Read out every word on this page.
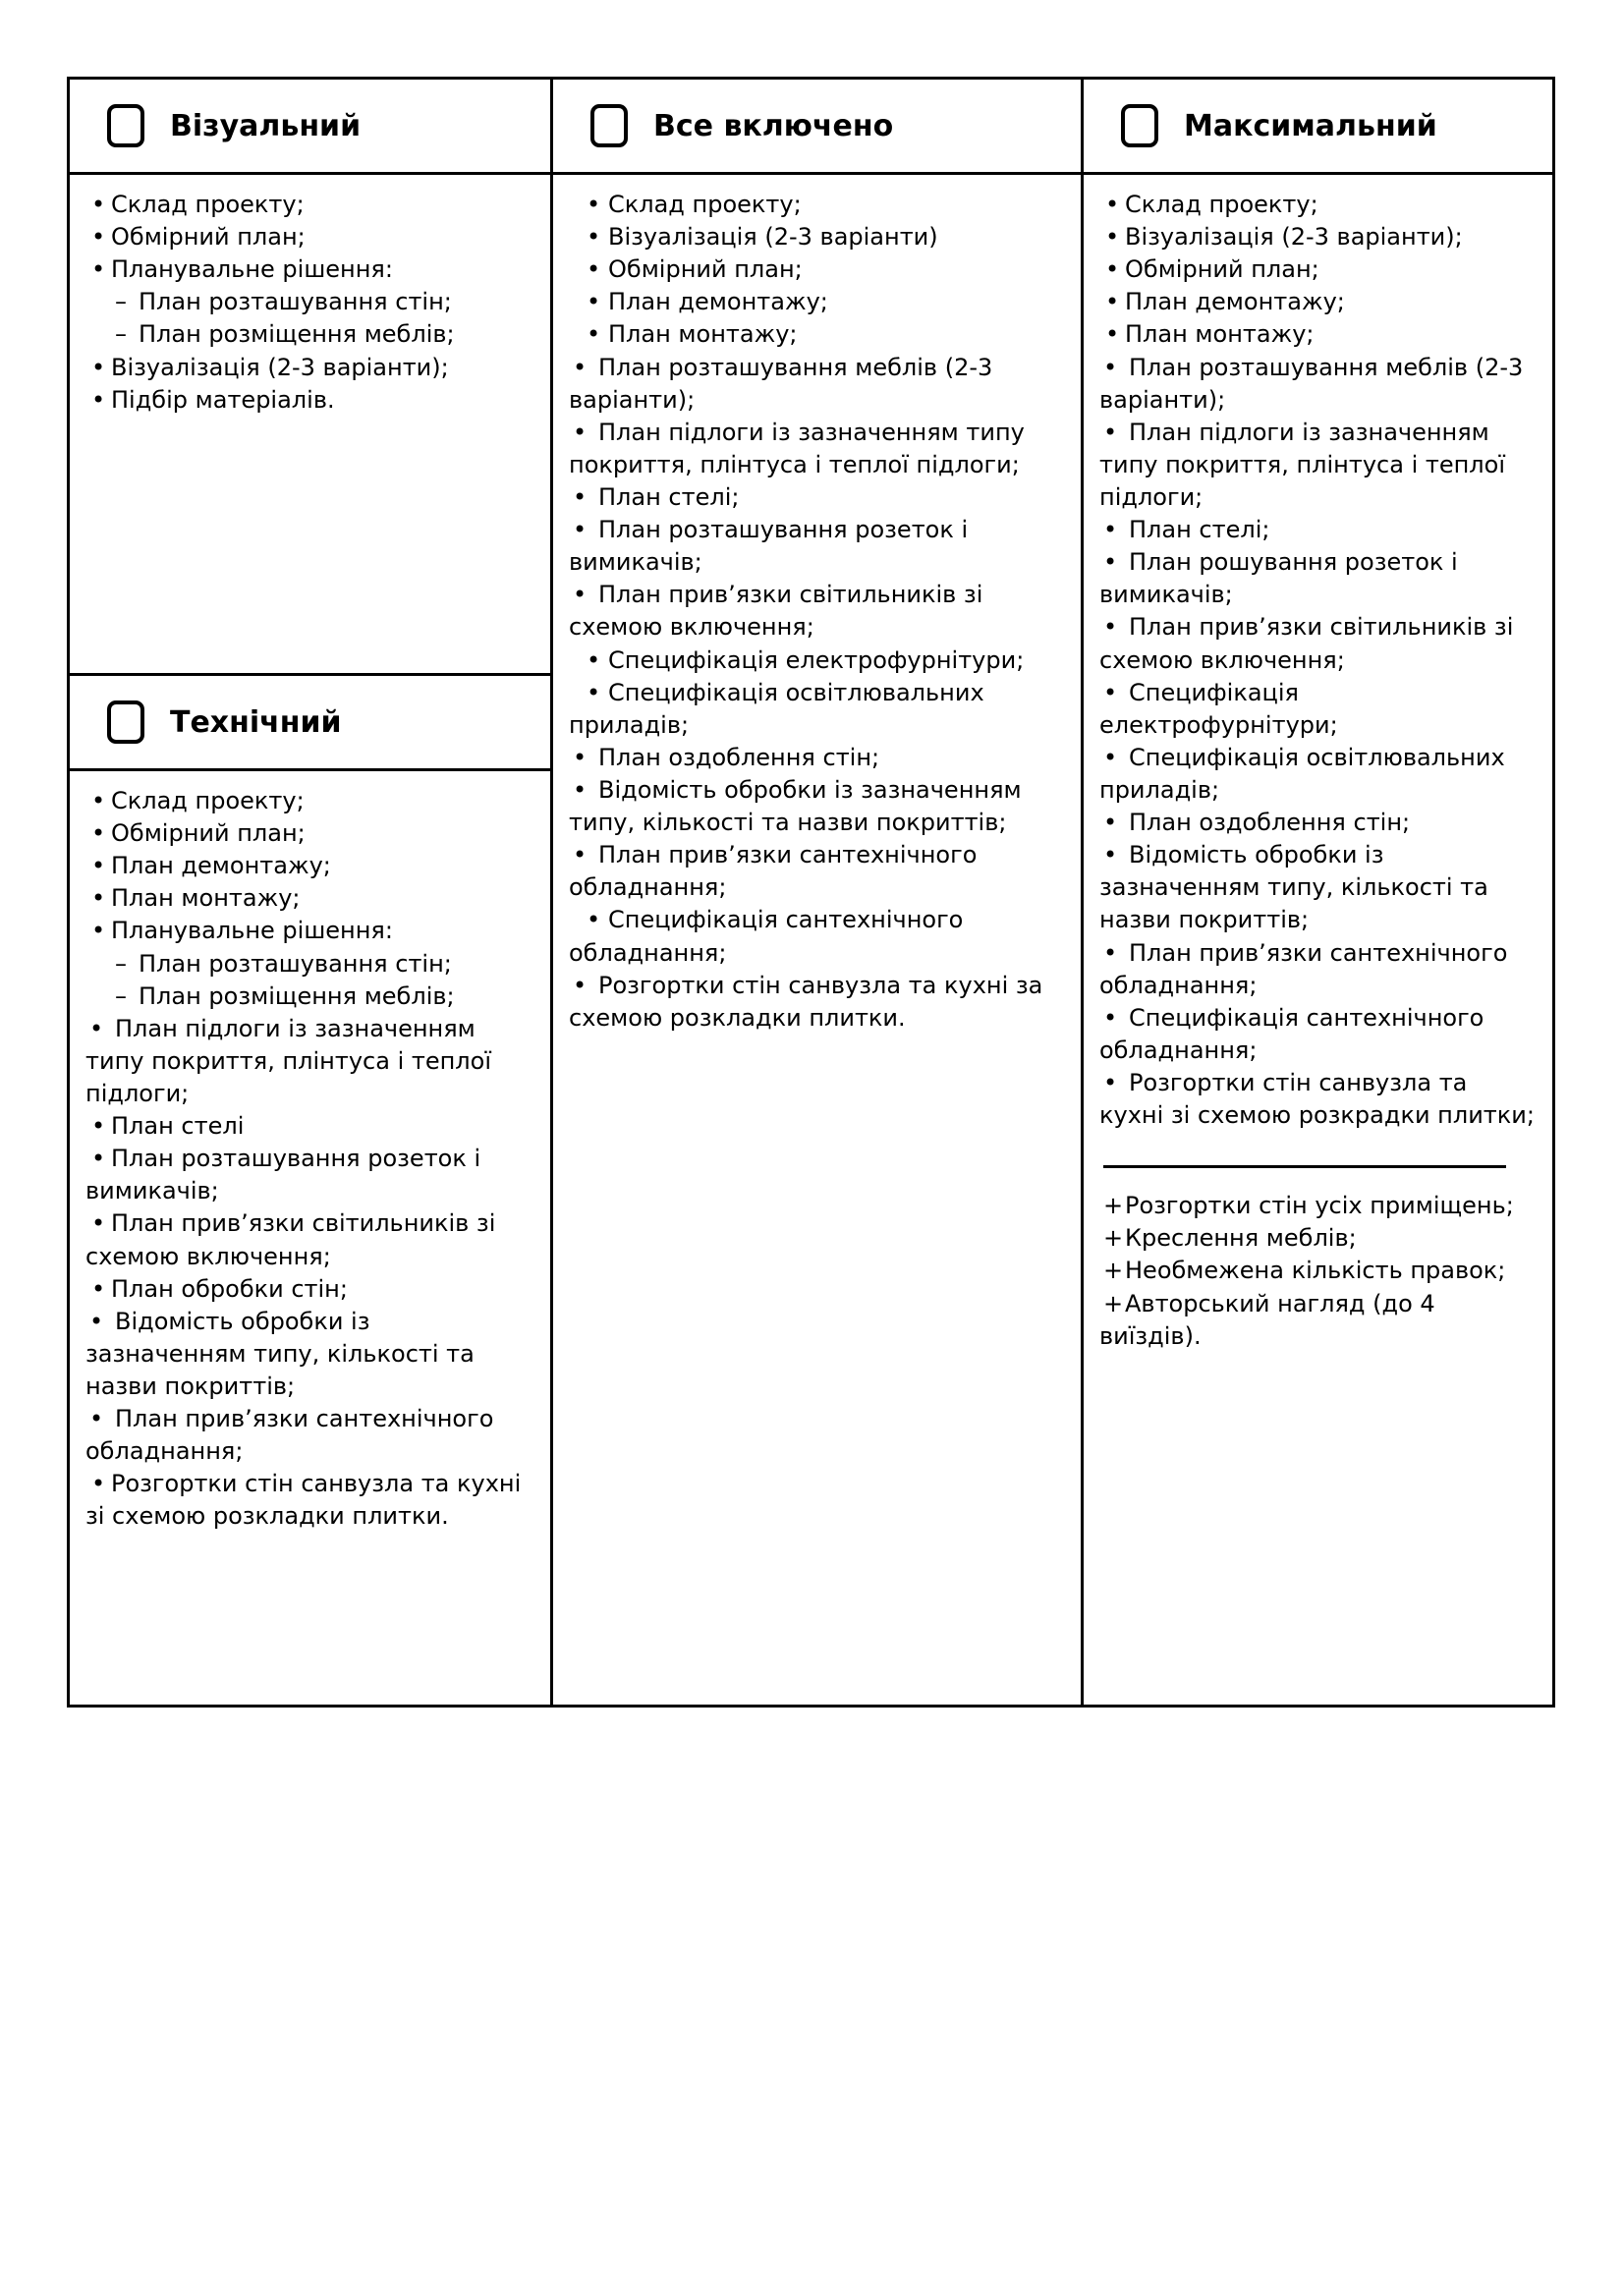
Візуальний
• Склад проекту;
• Обмірний план;
• Планувальне рішення:
– План розташування стін;
– План розміщення меблів;
• Візуалізація (2-3 варіанти);
• Підбір матеріалів.
Технічний
• Склад проекту;
• Обмірний план;
• План демонтажу;
• План монтажу;
• Планувальне рішення:
– План розташування стін;
– План розміщення меблів;
• План підлоги із зазначенням типу покриття, плінтуса і теплої підлоги;
• План стелі
• План розташування розеток і вимикачів;
• План прив’язки світильників зі схемою включення;
• План обробки стін;
• Відомість обробки із зазначенням типу, кількості та назви покриттів;
• План прив’язки сантехнічного обладнання;
• Розгортки стін санвузла та кухні зі схемою розкладки плитки.
Все включено
• Склад проекту;
• Візуалізація (2-3 варіанти)
• Обмірний план;
• План демонтажу;
• План монтажу;
• План розташування меблів (2-3 варіанти);
• План підлоги із зазначенням типу покриття, плінтуса і теплої підлоги;
• План стелі;
• План розташування розеток і вимикачів;
• План прив’язки світильників зі схемою включення;
• Специфікація електрофурнітури;
• Специфікація освітлювальних приладів;
• План оздоблення стін;
• Відомість обробки із зазначенням типу, кількості та назви покриттів;
• План прив’язки сантехнічного обладнання;
• Специфікація сантехнічного обладнання;
• Розгортки стін санвузла та кухні за схемою розкладки плитки.
Максимальний
• Склад проекту;
• Візуалізація (2-3 варіанти);
• Обмірний план;
• План демонтажу;
• План монтажу;
• План розташування меблів (2-3 варіанти);
• План підлоги із зазначенням типу покриття, плінтуса і теплої підлоги;
• План стелі;
• План рошування розеток і вимикачів;
• План прив’язки світильників зі схемою включення;
• Специфікація електрофурнітури;
• Специфікація освітлювальних приладів;
• План оздоблення стін;
• Відомість обробки із зазначенням типу, кількості та назви покриттів;
• План прив’язки сантехнічного обладнання;
• Специфікація сантехнічного обладнання;
• Розгортки стін санвузла та кухні зі схемою розкрадки плитки;
+ Розгортки стін усіх приміщень;
+ Креслення меблів;
+ Необмежена кількість правок;
+ Авторський нагляд (до 4 виїздів).
